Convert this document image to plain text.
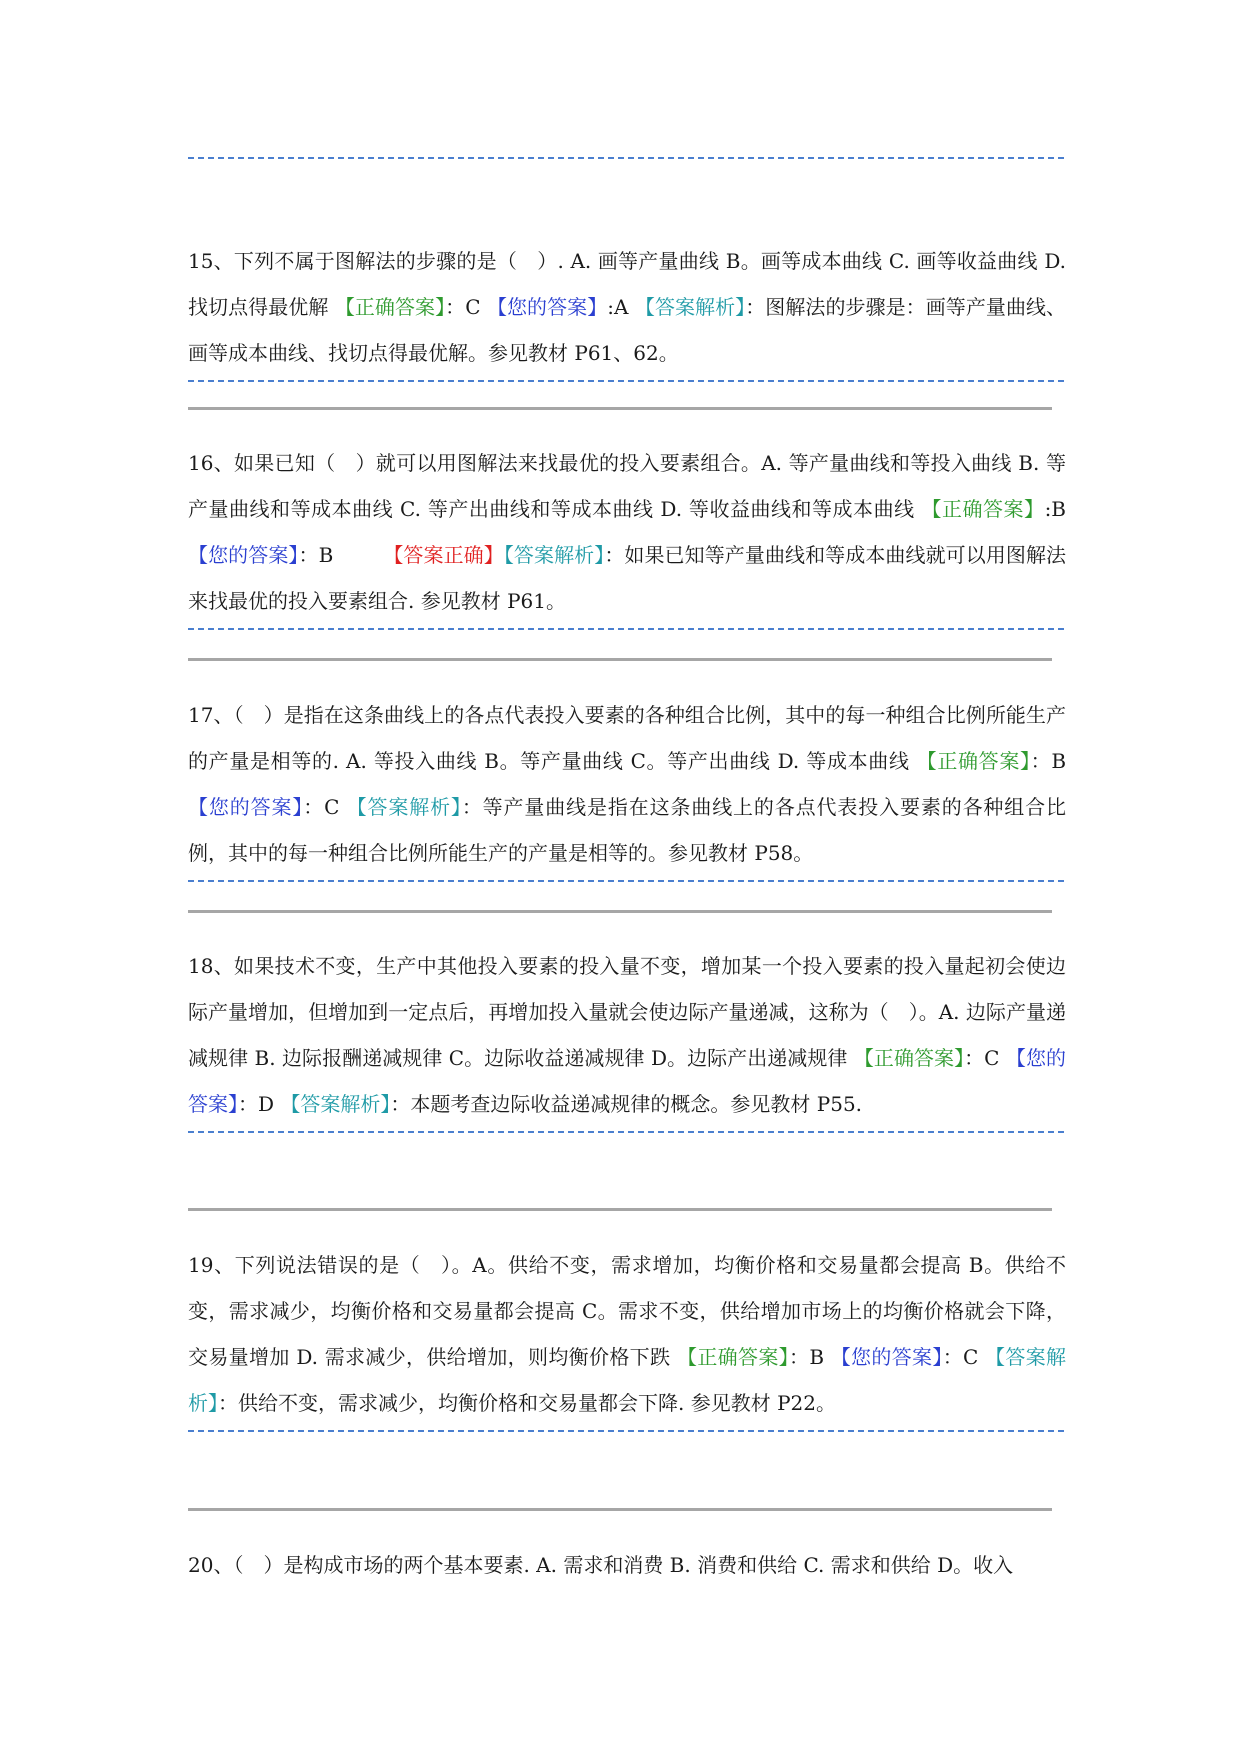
15、下列不属于图解法的步骤的是（　）. A. 画等产量曲线 B。画等成本曲线 C. 画等收益曲线 D. 找切点得最优解 【正确答案】：C 【您的答案】:A 【答案解析】：图解法的步骤是：画等产量曲线、画等成本曲线、找切点得最优解。参见教材 P61、62。
16、如果已知（　）就可以用图解法来找最优的投入要素组合。A. 等产量曲线和等投入曲线 B. 等产量曲线和等成本曲线 C. 等产出曲线和等成本曲线 D. 等收益曲线和等成本曲线 【正确答案】:B 【您的答案】：B	【答案正确】【答案解析】：如果已知等产量曲线和等成本曲线就可以用图解法来找最优的投入要素组合. 参见教材 P61。
17、（　）是指在这条曲线上的各点代表投入要素的各种组合比例，其中的每一种组合比例所能生产的产量是相等的. A. 等投入曲线 B。等产量曲线 C。等产出曲线 D. 等成本曲线 【正确答案】：B 【您的答案】：C 【答案解析】：等产量曲线是指在这条曲线上的各点代表投入要素的各种组合比例，其中的每一种组合比例所能生产的产量是相等的。参见教材 P58。
18、如果技术不变，生产中其他投入要素的投入量不变，增加某一个投入要素的投入量起初会使边际产量增加，但增加到一定点后，再增加投入量就会使边际产量递减，这称为（　）。A. 边际产量递减规律 B. 边际报酬递减规律 C。边际收益递减规律 D。边际产出递减规律 【正确答案】：C 【您的答案】：D 【答案解析】：本题考查边际收益递减规律的概念。参见教材 P55.
19、下列说法错误的是（　）。A。供给不变，需求增加，均衡价格和交易量都会提高 B。供给不变，需求减少，均衡价格和交易量都会提高 C。需求不变，供给增加市场上的均衡价格就会下降，交易量增加 D. 需求减少，供给增加，则均衡价格下跌 【正确答案】：B 【您的答案】：C 【答案解析】：供给不变，需求减少，均衡价格和交易量都会下降. 参见教材 P22。
20、（　）是构成市场的两个基本要素. A. 需求和消费 B. 消费和供给 C. 需求和供给 D。收入
